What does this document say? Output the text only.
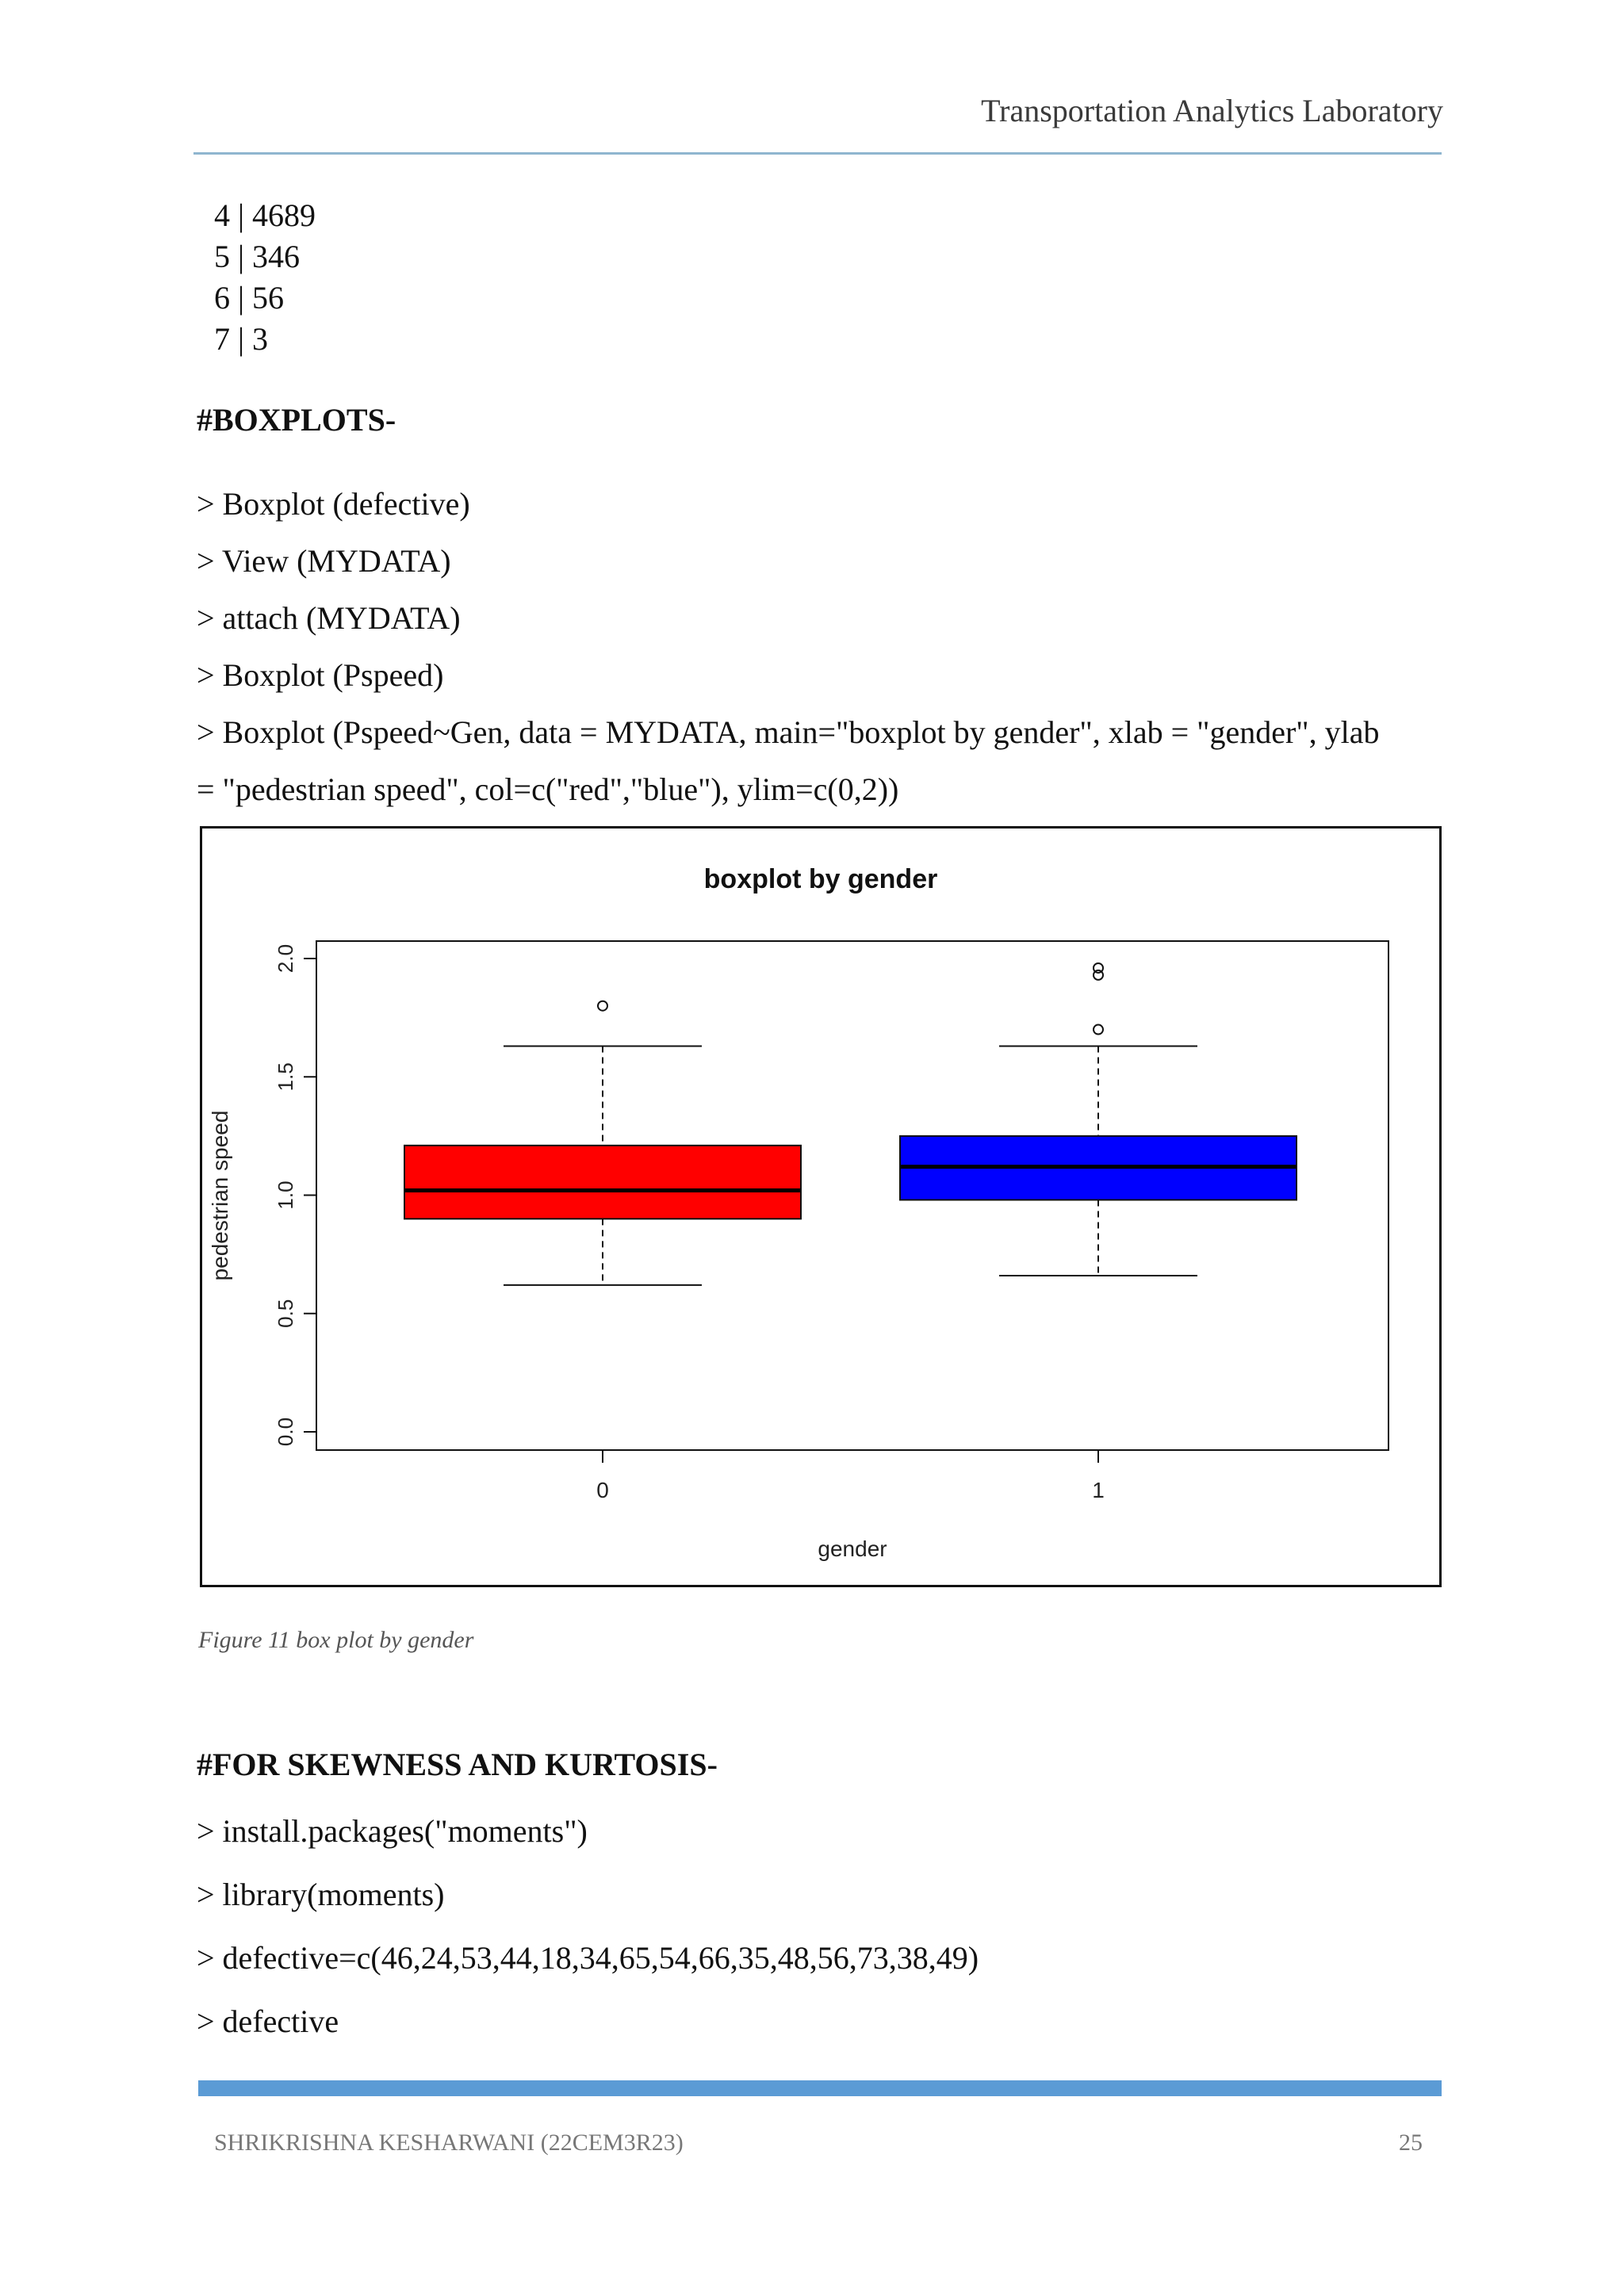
Transportation Analytics Laboratory
4 | 4689
5 | 346
6 | 56
7 | 3
#BOXPLOTS-
> Boxplot (defective)
> View (MYDATA)
> attach (MYDATA)
> Boxplot (Pspeed)
> Boxplot (Pspeed~Gen, data = MYDATA, main="boxplot by gender", xlab = "gender", ylab
= "pedestrian speed", col=c("red","blue"), ylim=c(0,2))
boxplot by gender
0.0
0.5
1.0
1.5
2.0
pedestrian speed
0	1
gender
Figure 11 box plot by gender
#FOR SKEWNESS AND KURTOSIS-
> install.packages("moments")
> library(moments)
> defective=c(46,24,53,44,18,34,65,54,66,35,48,56,73,38,49)
> defective
SHRIKRISHNA KESHARWANI (22CEM3R23)	25
